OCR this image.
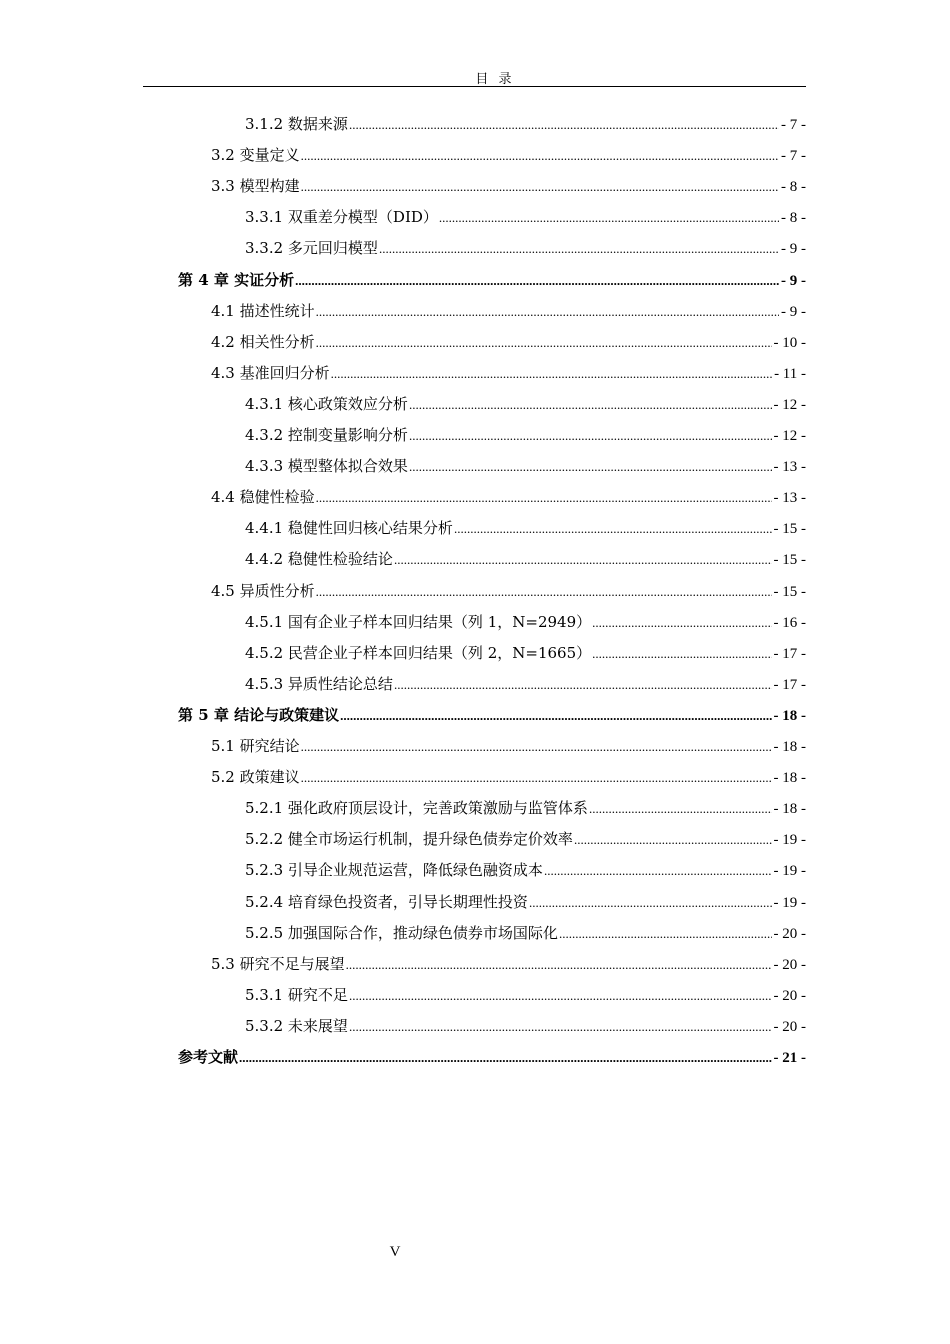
目 录
3.1.2 数据来源 .....	- 7 -
3.2 变量定义 .....	- 7 -
3.3 模型构建 .....	- 8 -
3.3.1 双重差分模型（DID） .....	- 8 -
3.3.2 多元回归模型 .....	- 9 -
第 4 章 实证分析 .....	- 9 -
4.1 描述性统计 .....	- 9 -
4.2 相关性分析 .....	- 10 -
4.3 基准回归分析 .....	- 11 -
4.3.1 核心政策效应分析 .....	- 12 -
4.3.2 控制变量影响分析 .....	- 12 -
4.3.3 模型整体拟合效果 .....	- 13 -
4.4 稳健性检验 .....	- 13 -
4.4.1 稳健性回归核心结果分析 .....	- 15 -
4.4.2 稳健性检验结论 .....	- 15 -
4.5 异质性分析 .....	- 15 -
4.5.1 国有企业子样本回归结果（列 1，N=2949） .....	- 16 -
4.5.2 民营企业子样本回归结果（列 2，N=1665） .....	- 17 -
4.5.3 异质性结论总结 .....	- 17 -
第 5 章 结论与政策建议 .....	- 18 -
5.1 研究结论 .....	- 18 -
5.2 政策建议 .....	- 18 -
5.2.1 强化政府顶层设计，完善政策激励与监管体系 .....	- 18 -
5.2.2 健全市场运行机制，提升绿色债券定价效率 .....	- 19 -
5.2.3 引导企业规范运营，降低绿色融资成本 .....	- 19 -
5.2.4 培育绿色投资者，引导长期理性投资 .....	- 19 -
5.2.5 加强国际合作，推动绿色债券市场国际化 .....	- 20 -
5.3 研究不足与展望 .....	- 20 -
5.3.1 研究不足 .....	- 20 -
5.3.2 未来展望 .....	- 20 -
参考文献 .....	- 21 -
V
